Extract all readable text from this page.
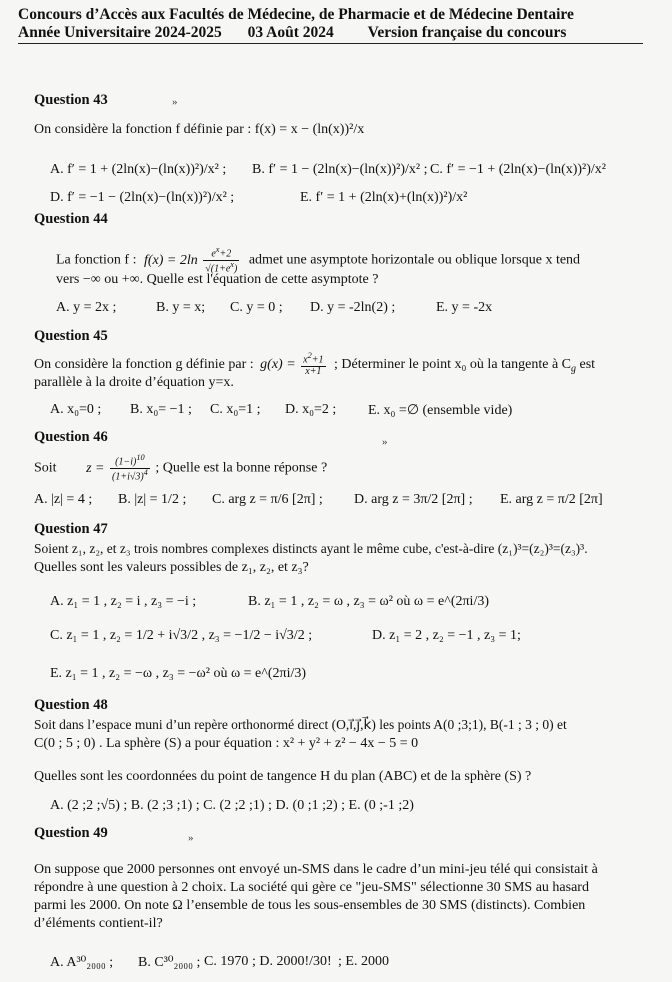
Concours d’Accès aux Facultés de Médecine, de Pharmacie et de Médecine Dentaire
Année Universitaire 2024-2025 03 Août 2024 Version française du concours
Question 43	»
On considère la fonction f définie par : f(x) = x − (ln(x))²/x
A. f′ = 1 + (2ln(x)−(ln(x))²)/x² ; B. f′ = 1 − (2ln(x)−(ln(x))²)/x² ; C. f′ = −1 + (2ln(x)−(ln(x))²)/x²
D. f′ = −1 − (2ln(x)−(ln(x))²)/x² ;	E. f′ = 1 + (2ln(x)+(ln(x))²)/x²
Question 44
La fonction f : $f(x) = 2\ln \frac{e^x+2}{√(1+e^x)}$ admet une asymptote horizontale ou oblique lorsque x tend
vers −∞ ou +∞. Quelle est l'équation de cette asymptote ?
A. y = 2x ;	B. y = x; C. y = 0 ; D. y = -2ln(2) ;	E. y = -2x
Question 45
On considère la fonction g définie par : $g(x) = \frac{x^2+1}{x+1}$ ; Déterminer le point x₀ où la tangente à $C_g$ est
parallèle à la droite d’équation y=x.
A. x₀=0 ; B. x₀= −1 ; C. x₀=1 ; D. x₀=2 ; E. x₀ =∅ (ensemble vide)
Question 46	»
Soit $z = \frac{(1-i)^{10}}{(1+i√3)^4}$ ; Quelle est la bonne réponse ?
A. |z| = 4 ; B. |z| = 1/2 ; C. arg z = π/6 [2π] ; D. arg z = 3π/2 [2π] ; E. arg z = π/2 [2π]
Question 47
Soient z₁, z₂, et z₃ trois nombres complexes distincts ayant le même cube, c'est-à-dire (z₁)³=(z₂)³=(z₃)³.
Quelles sont les valeurs possibles de z₁, z₂, et z₃?
A. z₁ = 1 , z₂ = i , z₃ = −i ;	B. z₁ = 1 , z₂ = ω , z₃ = ω² où ω = e^(2πi/3)
C. z₁ = 1 , z₂ = 1/2 + i√3/2 , z₃ = −1/2 − i√3/2 ;	D. z₁ = 2 , z₂ = −1 , z₃ = 1;
E. z₁ = 1 , z₂ = −ω , z₃ = −ω² où ω = e^(2πi/3)
Question 48
Soit dans l’espace muni d’un repère orthonormé direct (O,i⃗,j⃗,k⃗) les points A(0 ;3;1), B(-1 ; 3 ; 0) et
C(0 ; 5 ; 0) . La sphère (S) a pour équation : x² + y² + z² − 4x − 5 = 0
Quelles sont les coordonnées du point de tangence H du plan (ABC) et de la sphère (S) ?
A. (2 ;2 ;√5) ; B. (2 ;3 ;1) ; C. (2 ;2 ;1) ; D. (0 ;1 ;2) ; E. (0 ;-1 ;2)
Question 49	»
On suppose que 2000 personnes ont envoyé un-SMS dans le cadre d’un mini-jeu télé qui consistait à
répondre à une question à 2 choix. La société qui gère ce "jeu-SMS" sélectionne 30 SMS au hasard
parmi les 2000. On note Ω l’ensemble de tous les sous-ensembles de 30 SMS (distincts). Combien
d’éléments contient-il?
A. A³⁰₂₀₀₀ ; B. C³⁰₂₀₀₀ ; C. 1970 ; D. 2000!/30! ; E. 2000
